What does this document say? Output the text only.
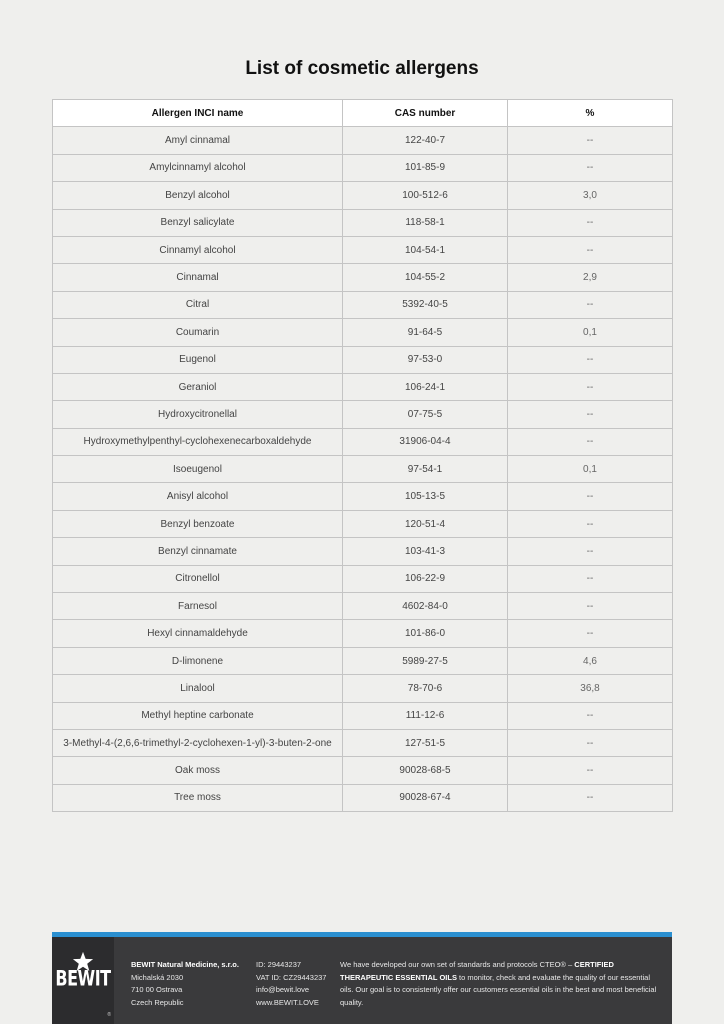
List of cosmetic allergens
Allergen INCI name	CAS number	%
Amyl cinnamal	122-40-7	--
Amylcinnamyl alcohol	101-85-9	--
Benzyl alcohol	100-512-6	3,0
Benzyl salicylate	118-58-1	--
Cinnamyl alcohol	104-54-1	--
Cinnamal	104-55-2	2,9
Citral	5392-40-5	--
Coumarin	91-64-5	0,1
Eugenol	97-53-0	--
Geraniol	106-24-1	--
Hydroxycitronellal	07-75-5	--
Hydroxymethylpenthyl-cyclohexenecarboxaldehyde	31906-04-4	--
Isoeugenol	97-54-1	0,1
Anisyl alcohol	105-13-5	--
Benzyl benzoate	120-51-4	--
Benzyl cinnamate	103-41-3	--
Citronellol	106-22-9	--
Farnesol	4602-84-0	--
Hexyl cinnamaldehyde	101-86-0	--
D-limonene	5989-27-5	4,6
Linalool	78-70-6	36,8
Methyl heptine carbonate	111-12-6	--
3-Methyl-4-(2,6,6-trimethyl-2-cyclohexen-1-yl)-3-buten-2-one	127-51-5	--
Oak moss	90028-68-5	--
Tree moss	90028-67-4	--
BEWIT
®
BEWIT Natural Medicine, s.r.o.
Michalská 2030
710 00 Ostrava
Czech Republic
ID: 29443237
VAT ID: CZ29443237
info@bewit.love
www.BEWIT.LOVE
We have developed our own set of standards and protocols CTEO® – CERTIFIED THERAPEUTIC ESSENTIAL OILS to monitor, check and evaluate the quality of our essential oils. Our goal is to consistently offer our customers essential oils in the best and most beneficial quality.
